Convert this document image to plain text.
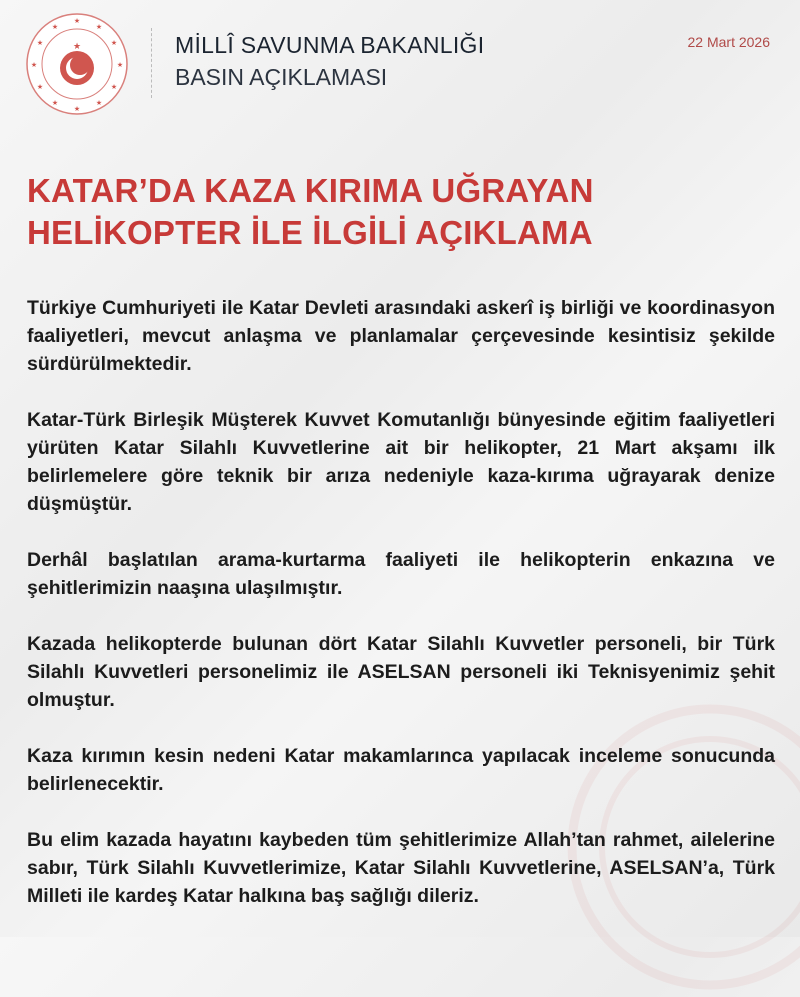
★
★	★
★	★
★	★
★	★
★	★
★
★	MİLLÎ SAVUNMA BAKANLIĞI
BASIN AÇIKLAMASI
22 Mart 2026
KATAR’DA KAZA KIRIMA UĞRAYAN
HELİKOPTER İLE İLGİLİ AÇIKLAMA

Türkiye Cumhuriyeti ile Katar Devleti arasındaki askerî iş birliği ve koordinasyon faaliyetleri, mevcut anlaşma ve planlamalar çerçevesinde kesintisiz şekilde sürdürülmektedir.

Katar-Türk Birleşik Müşterek Kuvvet Komutanlığı bünyesinde eğitim faaliyetleri yürüten Katar Silahlı Kuvvetlerine ait bir helikopter, 21 Mart akşamı ilk belirlemelere göre teknik bir arıza nedeniyle kaza-kırıma uğrayarak denize düşmüştür.

Derhâl başlatılan arama-kurtarma faaliyeti ile helikopterin enkazına ve şehitlerimizin naaşına ulaşılmıştır.

Kazada helikopterde bulunan dört Katar Silahlı Kuvvetler personeli, bir Türk Silahlı Kuvvetleri personelimiz ile ASELSAN personeli iki Teknisyenimiz şehit olmuştur.

Kaza kırımın kesin nedeni Katar makamlarınca yapılacak inceleme sonucunda belirlenecektir.

Bu elim kazada hayatını kaybeden tüm şehitlerimize Allah’tan rahmet, ailelerine sabır, Türk Silahlı Kuvvetlerimize, Katar Silahlı Kuvvetlerine, ASELSAN’a, Türk Milleti ile kardeş Katar halkına baş sağlığı dileriz.
